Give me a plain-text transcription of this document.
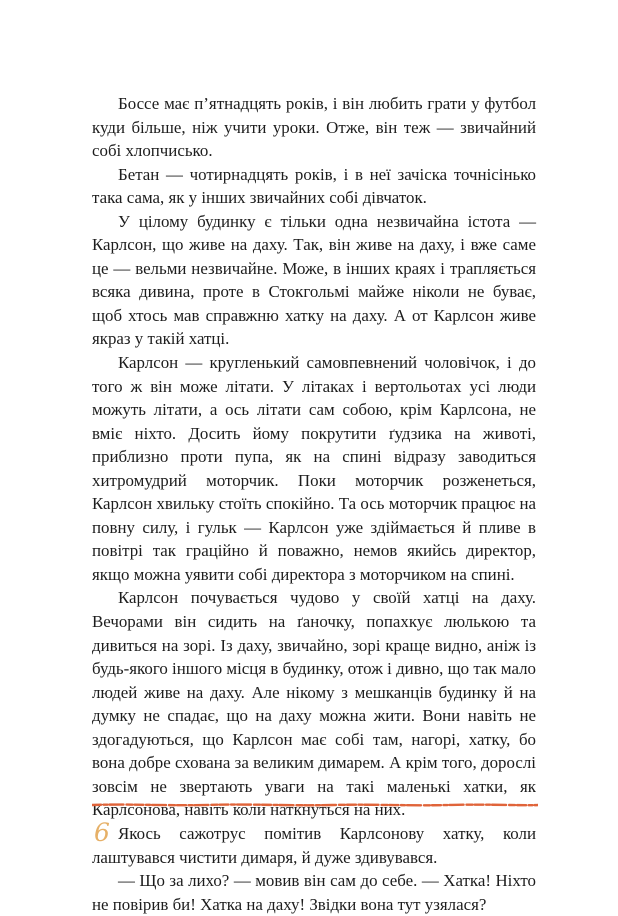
Боссе має п’ятнадцять років, і він любить грати у футбол куди більше, ніж учити уроки. Отже, він теж — звичайний собі хлопчисько.

Бетан — чотирнадцять років, і в неї зачіска точнісінько така сама, як у інших звичайних собі дівчаток.

У цілому будинку є тільки одна незвичайна істота — Карлсон, що живе на даху. Так, він живе на даху, і вже саме це — вельми незвичайне. Може, в інших краях і трапляється всяка дивина, проте в Стокгольмі майже ніколи не буває, щоб хтось мав справжню хатку на даху. А от Карлсон живе якраз у такій хатці.

Карлсон — кругленький самовпевнений чоловічок, і до того ж він може літати. У літаках і вертольотах усі люди можуть літати, а ось літати сам собою, крім Карлсона, не вміє ніхто. Досить йому покрутити ґудзика на животі, приблизно проти пупа, як на спині відразу заводиться хитромудрий моторчик. Поки моторчик розженеться, Карлсон хвильку стоїть спокійно. Та ось моторчик працює на повну силу, і гульк — Карлсон уже здіймається й пливе в повітрі так грацiйно й поважно, немов якийсь директор, якщо можна уявити собі директора з моторчиком на спині.

Карлсон почувається чудово у своїй хатці на даху. Вечорами він сидить на ґаночку, попахкує люлькою та дивиться на зорі. Із даху, звичайно, зорі краще видно, аніж із будь-якого іншого місця в будинку, отож і дивно, що так мало людей живе на даху. Але нікому з мешканців будинку й на думку не спадає, що на даху можна жити. Вони навіть не здогадуються, що Карлсон має собі там, нагорі, хатку, бо вона добре схована за великим димарем. А крім того, дорослі зовсім не звертають уваги на такі маленькі хатки, як Карлсонова, навіть коли наткнуться на них.

Якось сажотрус помітив Карлсонову хатку, коли лаштувався чистити димаря, й дуже здивувався.

— Що за лихо? — мовив він сам до себе. — Хатка! Ніхто не повірив би! Хатка на даху! Звідки вона тут узялася?

6
